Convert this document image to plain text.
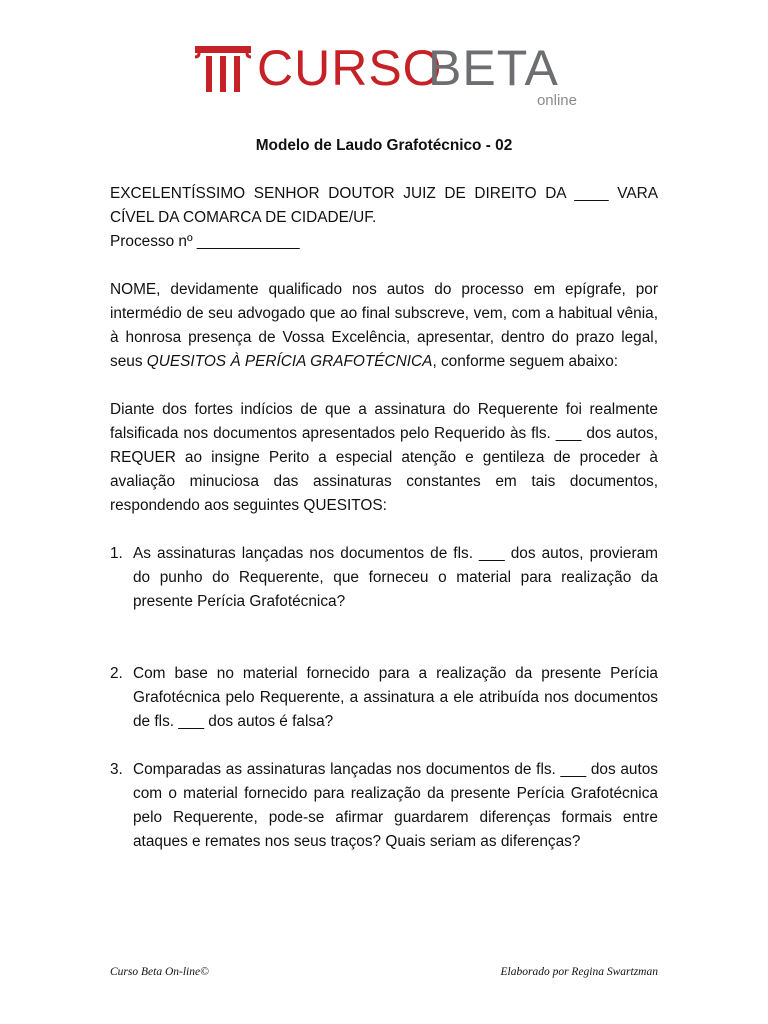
CURSO
BETA
online
Modelo de Laudo Grafotécnico - 02

EXCELENTÍSSIMO SENHOR DOUTOR JUIZ DE DIREITO DA ____ VARA CÍVEL DA COMARCA DE CIDADE/UF.

Processo nº ____________

NOME, devidamente qualificado nos autos do processo em epígrafe, por intermédio de seu advogado que ao final subscreve, vem, com a habitual vênia, à honrosa presença de Vossa Excelência, apresentar, dentro do prazo legal, seus QUESITOS À PERÍCIA GRAFOTÉCNICA, conforme seguem abaixo:

Diante dos fortes indícios de que a assinatura do Requerente foi realmente falsificada nos documentos apresentados pelo Requerido às fls. ___ dos autos, REQUER ao insigne Perito a especial atenção e gentileza de proceder à avaliação minuciosa das assinaturas constantes em tais documentos, respondendo aos seguintes QUESITOS:

1. As assinaturas lançadas nos documentos de fls. ___ dos autos, provieram do punho do Requerente, que forneceu o material para realização da presente Perícia Grafotécnica?
2. Com base no material fornecido para a realização da presente Perícia Grafotécnica pelo Requerente, a assinatura a ele atribuída nos documentos de fls. ___ dos autos é falsa?
3. Comparadas as assinaturas lançadas nos documentos de fls. ___ dos autos com o material fornecido para realização da presente Perícia Grafotécnica pelo Requerente, pode-se afirmar guardarem diferenças formais entre ataques e remates nos seus traços? Quais seriam as diferenças?
Curso Beta On-line©	Elaborado por Regina Swartzman
